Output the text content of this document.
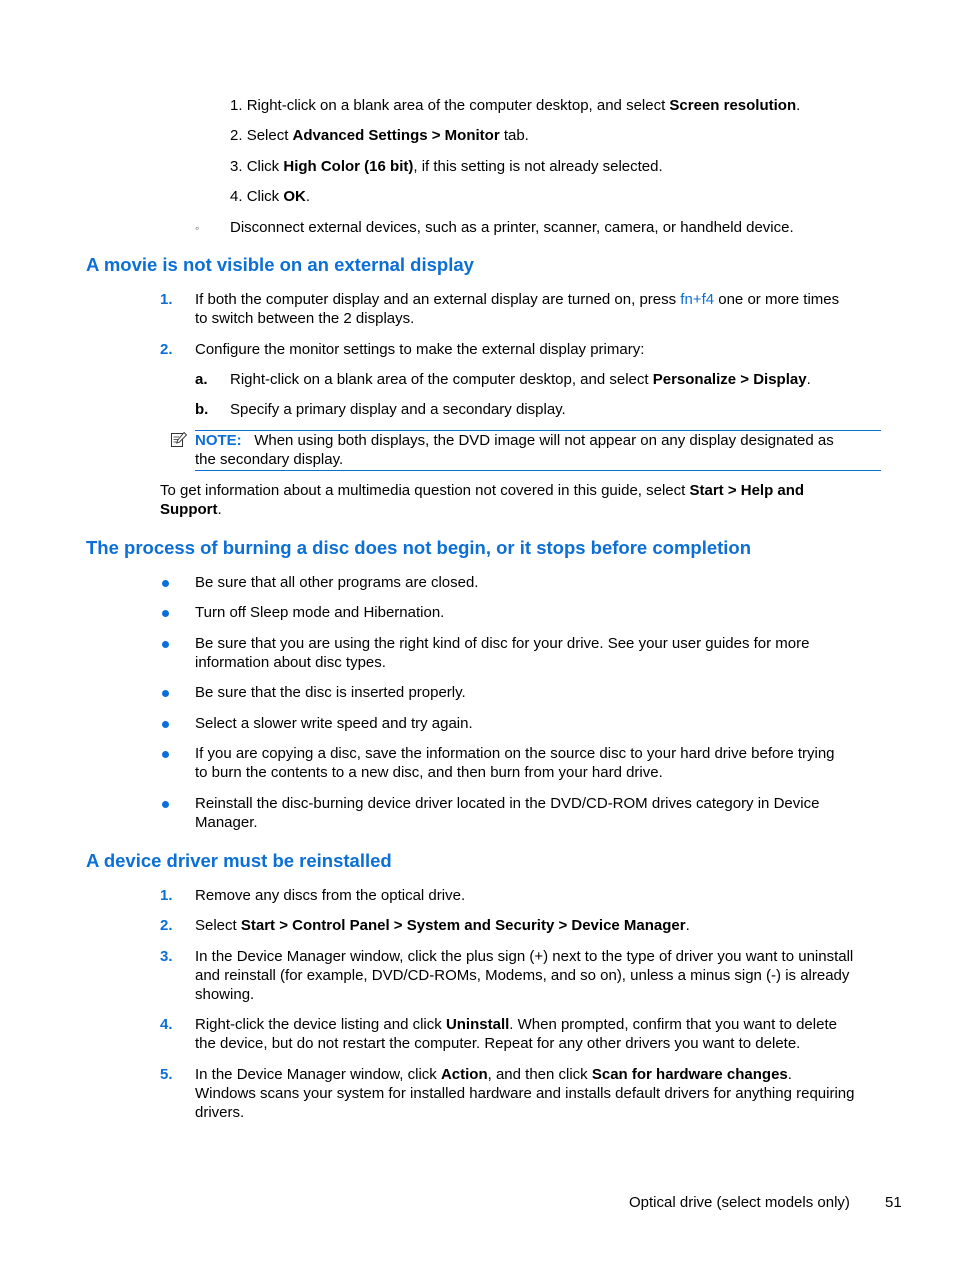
1. Right-click on a blank area of the computer desktop, and select Screen resolution.
2. Select Advanced Settings > Monitor tab.
3. Click High Color (16 bit), if this setting is not already selected.
4. Click OK.
◦ Disconnect external devices, such as a printer, scanner, camera, or handheld device.
A movie is not visible on an external display
1. If both the computer display and an external display are turned on, press fn+f4 one or more times
to switch between the 2 displays.
2. Configure the monitor settings to make the external display primary:
a. Right-click on a blank area of the computer desktop, and select Personalize > Display.
b. Specify a primary display and a secondary display.
NOTE: When using both displays, the DVD image will not appear on any display designated as
the secondary display.
To get information about a multimedia question not covered in this guide, select Start > Help and
Support.
The process of burning a disc does not begin, or it stops before completion
Be sure that all other programs are closed.
Turn off Sleep mode and Hibernation.
Be sure that you are using the right kind of disc for your drive. See your user guides for more
information about disc types.
Be sure that the disc is inserted properly.
Select a slower write speed and try again.
If you are copying a disc, save the information on the source disc to your hard drive before trying
to burn the contents to a new disc, and then burn from your hard drive.
Reinstall the disc-burning device driver located in the DVD/CD-ROM drives category in Device
Manager.
A device driver must be reinstalled
1. Remove any discs from the optical drive.
2. Select Start > Control Panel > System and Security > Device Manager.
3. In the Device Manager window, click the plus sign (+) next to the type of driver you want to uninstall
and reinstall (for example, DVD/CD-ROMs, Modems, and so on), unless a minus sign (-) is already
showing.
4. Right-click the device listing and click Uninstall. When prompted, confirm that you want to delete
the device, but do not restart the computer. Repeat for any other drivers you want to delete.
5. In the Device Manager window, click Action, and then click Scan for hardware changes.
Windows scans your system for installed hardware and installs default drivers for anything requiring
drivers.
Optical drive (select models only) 51
